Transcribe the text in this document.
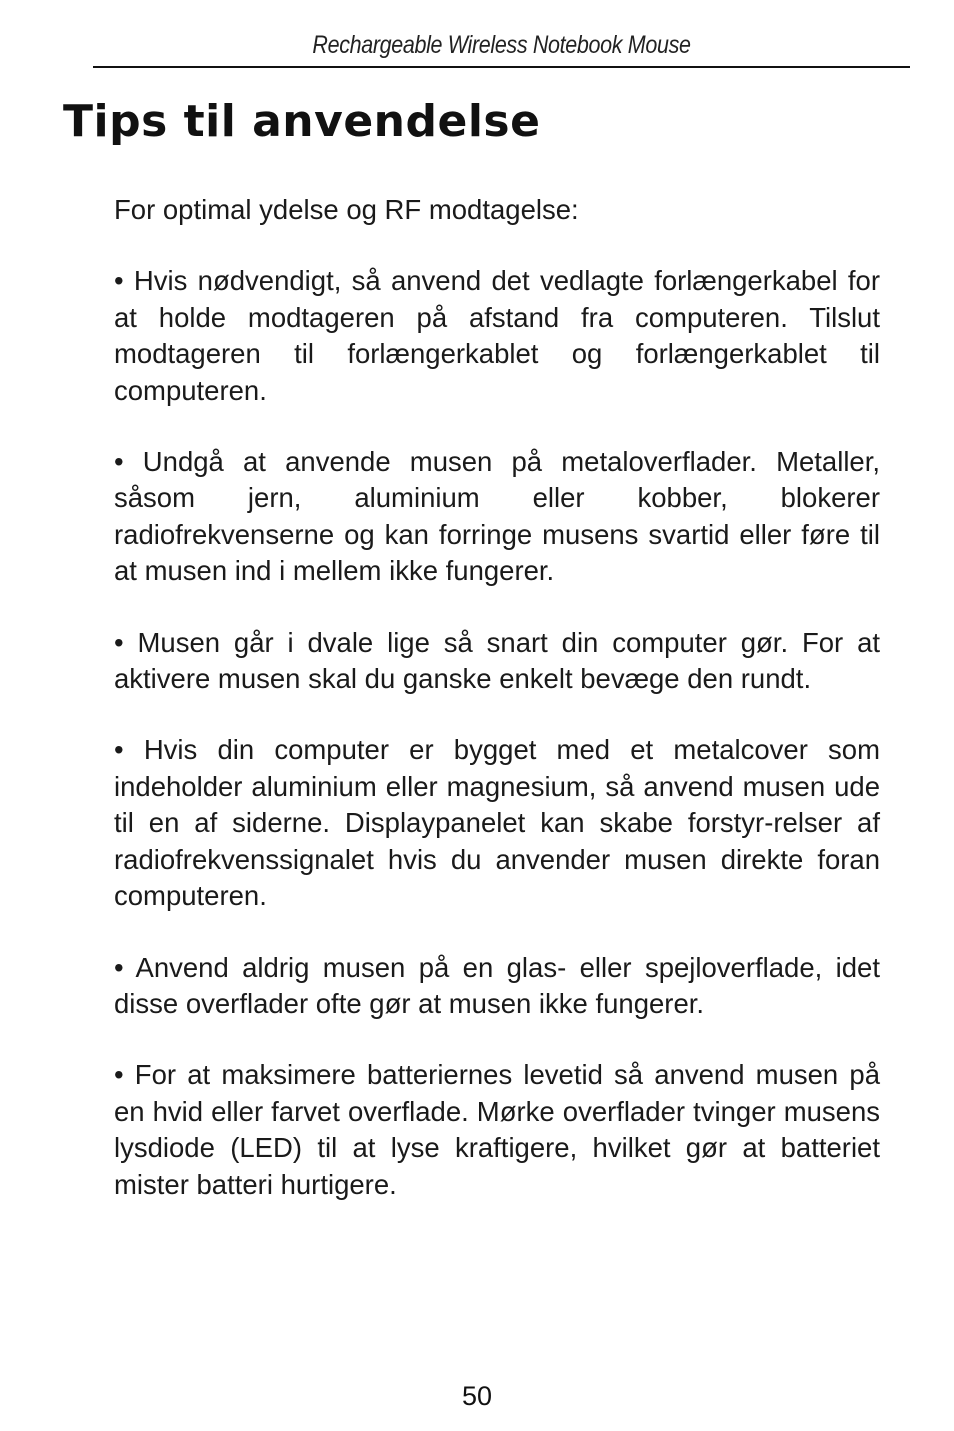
Rechargeable Wireless Notebook Mouse
Tips til anvendelse

For optimal ydelse og RF modtagelse:

• Hvis nødvendigt, så anvend det vedlagte forlængerkabel for at holde modtageren på afstand fra computeren. Tilslut modtageren til forlængerkablet og forlængerkablet til computeren.

• Undgå at anvende musen på metaloverflader. Metaller, såsom jern, aluminium eller kobber, blokerer radiofrekvenserne og kan forringe musens svartid eller føre til at musen ind i mellem ikke fungerer.

• Musen går i dvale lige så snart din computer gør. For at aktivere musen skal du ganske enkelt bevæge den rundt.

• Hvis din computer er bygget med et metalcover som indeholder aluminium eller magnesium, så anvend musen ude til en af siderne. Displaypanelet kan skabe forstyr-relser af radiofrekvenssignalet hvis du anvender musen direkte foran computeren.

• Anvend aldrig musen på en glas- eller spejloverflade, idet disse overflader ofte gør at musen ikke fungerer.

• For at maksimere batteriernes levetid så anvend musen på en hvid eller farvet overflade. Mørke overflader tvinger musens lysdiode (LED) til at lyse kraftigere, hvilket gør at batteriet mister batteri hurtigere.

50
